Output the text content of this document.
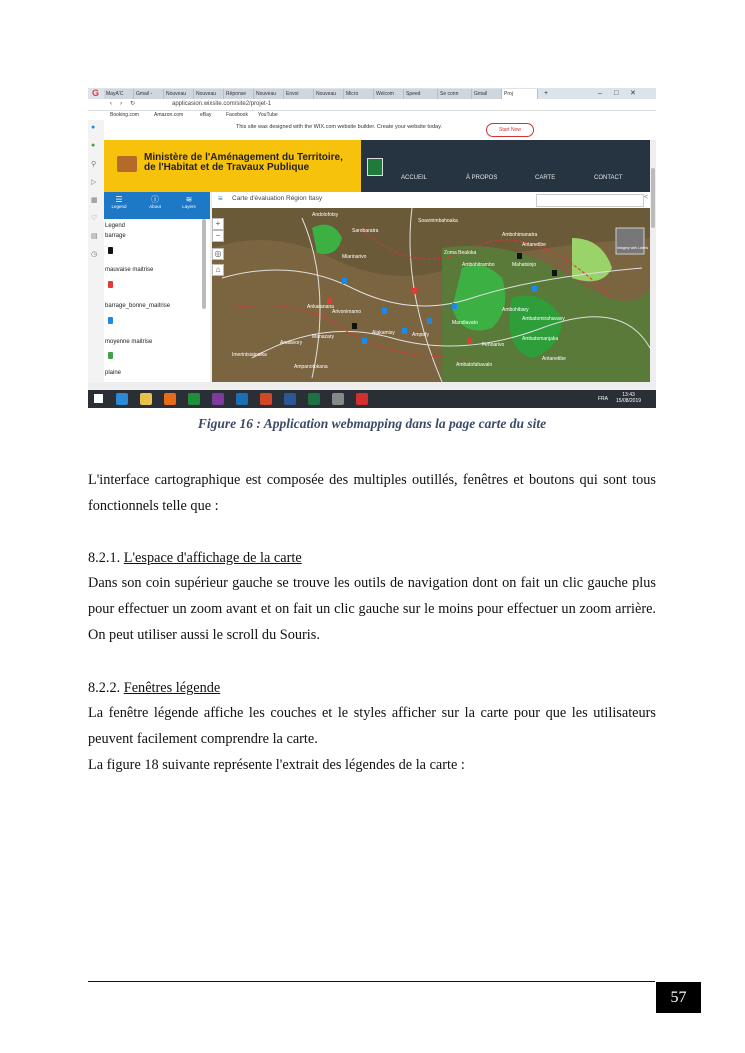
G	MayA'C	Gmail -	Nouveau	Nouveau	Réponse	Nouveau	Envoi	Nouveau	Micro	Welcom	Speed	Se conn	Gmail	Proj	+	– □ ✕
‹ › ↻	applicasion.wixsite.com/site2/projet-1
Booking.com	Amazon.com	eBay	Facebook YouTube
●
●
⚲
▷
▦
♡
▤
◷
This site was designed with the WIX.com website builder. Create your website today.	Start Now
Ministère de l'Aménagement du Territoire,
de l'Habitat et de Travaux Publique
ACCUEIL	À PROPOS	CARTE	CONTACT
☰
Legend
ⓘ
About
≋
Layers
Legend
barrage
mauvaise maitrise
barrage_bonne_maitrise
moyenne maitrise
plaine
≡ Carte d'évaluation Région Itasy	<
Andolofotsy
Soavinimbahoaka
Sarobaratra
Ambohimanatra
Antanetibe
Zoma Bealoka
Ambohitrambo	Mahatsinjo
Miarinarivo
Ankaranana
Arivonimamo	Ambohibary
Manazary
Ambatomirahavavy
Analavory
Mandiavato
Imerintsiatosika
Alakamisy
Fenoarivo
Ampefy
Ambatomanjaka
Antanetibe
Ampanotokana	Ambatofahavalo
Imagery with Labels
+
−
◎
⌂
FRA
13:43
15/08/2019
Figure 16 : Application webmapping dans la page carte du site
L'interface cartographique est composée des multiples outillés, fenêtres et boutons qui sont tous fonctionnels telle que :
8.2.1. L'espace d'affichage de la carte
Dans son coin supérieur gauche se trouve les outils de navigation dont on fait un clic gauche plus pour effectuer un zoom avant et on fait un clic gauche sur le moins pour effectuer un zoom arrière. On peut utiliser aussi le scroll du Souris.
8.2.2. Fenêtres légende
La fenêtre légende affiche les couches et le styles afficher sur la carte pour que les utilisateurs peuvent facilement comprendre la carte.
La figure 18 suivante représente l'extrait des légendes de la carte :
57
